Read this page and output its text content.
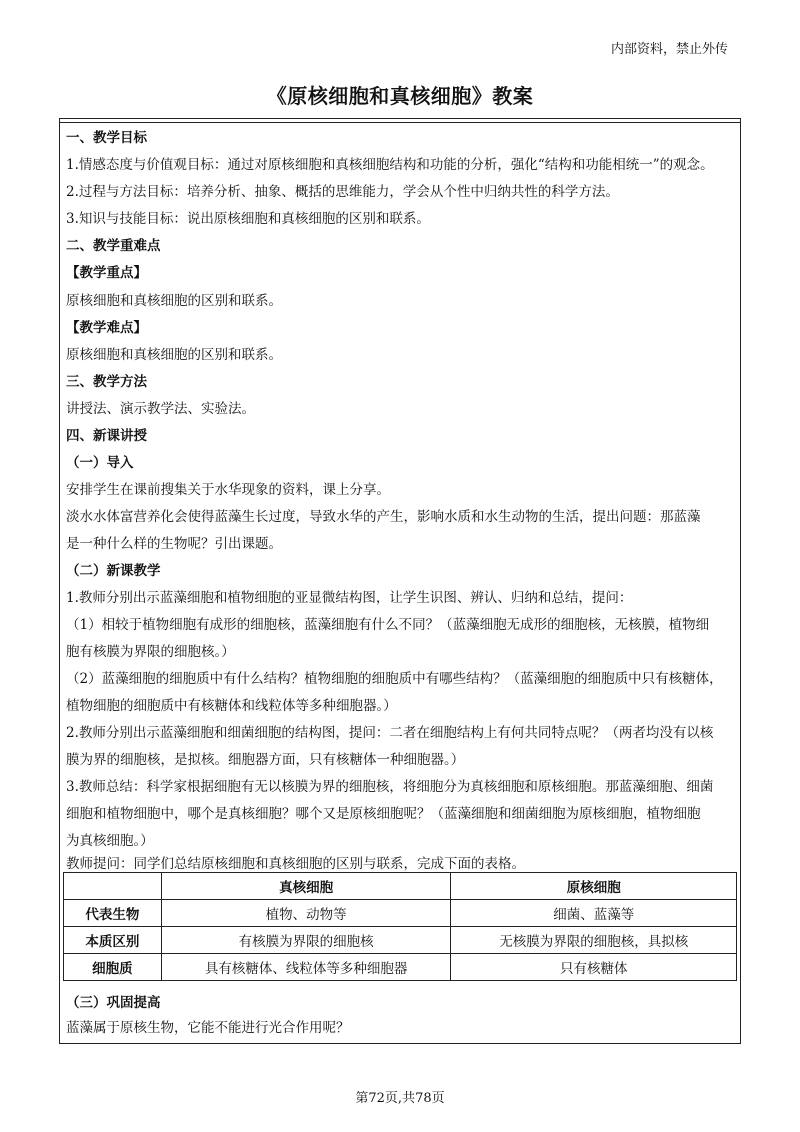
内部资料，禁止外传
《原核细胞和真核细胞》教案
一、教学目标
1.情感态度与价值观目标：通过对原核细胞和真核细胞结构和功能的分析，强化“结构和功能相统一”的观念。
2.过程与方法目标：培养分析、抽象、概括的思维能力，学会从个性中归纳共性的科学方法。
3.知识与技能目标：说出原核细胞和真核细胞的区别和联系。
二、教学重难点
【教学重点】
原核细胞和真核细胞的区别和联系。
【教学难点】
原核细胞和真核细胞的区别和联系。
三、教学方法
讲授法、演示教学法、实验法。
四、新课讲授
（一）导入
安排学生在课前搜集关于水华现象的资料，课上分享。
淡水水体富营养化会使得蓝藻生长过度，导致水华的产生，影响水质和水生动物的生活，提出问题：那蓝藻
是一种什么样的生物呢？引出课题。
（二）新课教学
1.教师分别出示蓝藻细胞和植物细胞的亚显微结构图，让学生识图、辨认、归纳和总结，提问：
（1）相较于植物细胞有成形的细胞核，蓝藻细胞有什么不同？（蓝藻细胞无成形的细胞核，无核膜，植物细
胞有核膜为界限的细胞核。）
（2）蓝藻细胞的细胞质中有什么结构？植物细胞的细胞质中有哪些结构？（蓝藻细胞的细胞质中只有核糖体，
植物细胞的细胞质中有核糖体和线粒体等多种细胞器。）
2.教师分别出示蓝藻细胞和细菌细胞的结构图，提问：二者在细胞结构上有何共同特点呢？（两者均没有以核
膜为界的细胞核，是拟核。细胞器方面，只有核糖体一种细胞器。）
3.教师总结：科学家根据细胞有无以核膜为界的细胞核，将细胞分为真核细胞和原核细胞。那蓝藻细胞、细菌
细胞和植物细胞中，哪个是真核细胞？哪个又是原核细胞呢？（蓝藻细胞和细菌细胞为原核细胞，植物细胞
为真核细胞。）
教师提问：同学们总结原核细胞和真核细胞的区别与联系，完成下面的表格。
	真核细胞	原核细胞
代表生物	植物、动物等	细菌、蓝藻等
本质区别	有核膜为界限的细胞核	无核膜为界限的细胞核，具拟核
细胞质	具有核糖体、线粒体等多种细胞器	只有核糖体
（三）巩固提高
蓝藻属于原核生物，它能不能进行光合作用呢？
第72页,共78页
